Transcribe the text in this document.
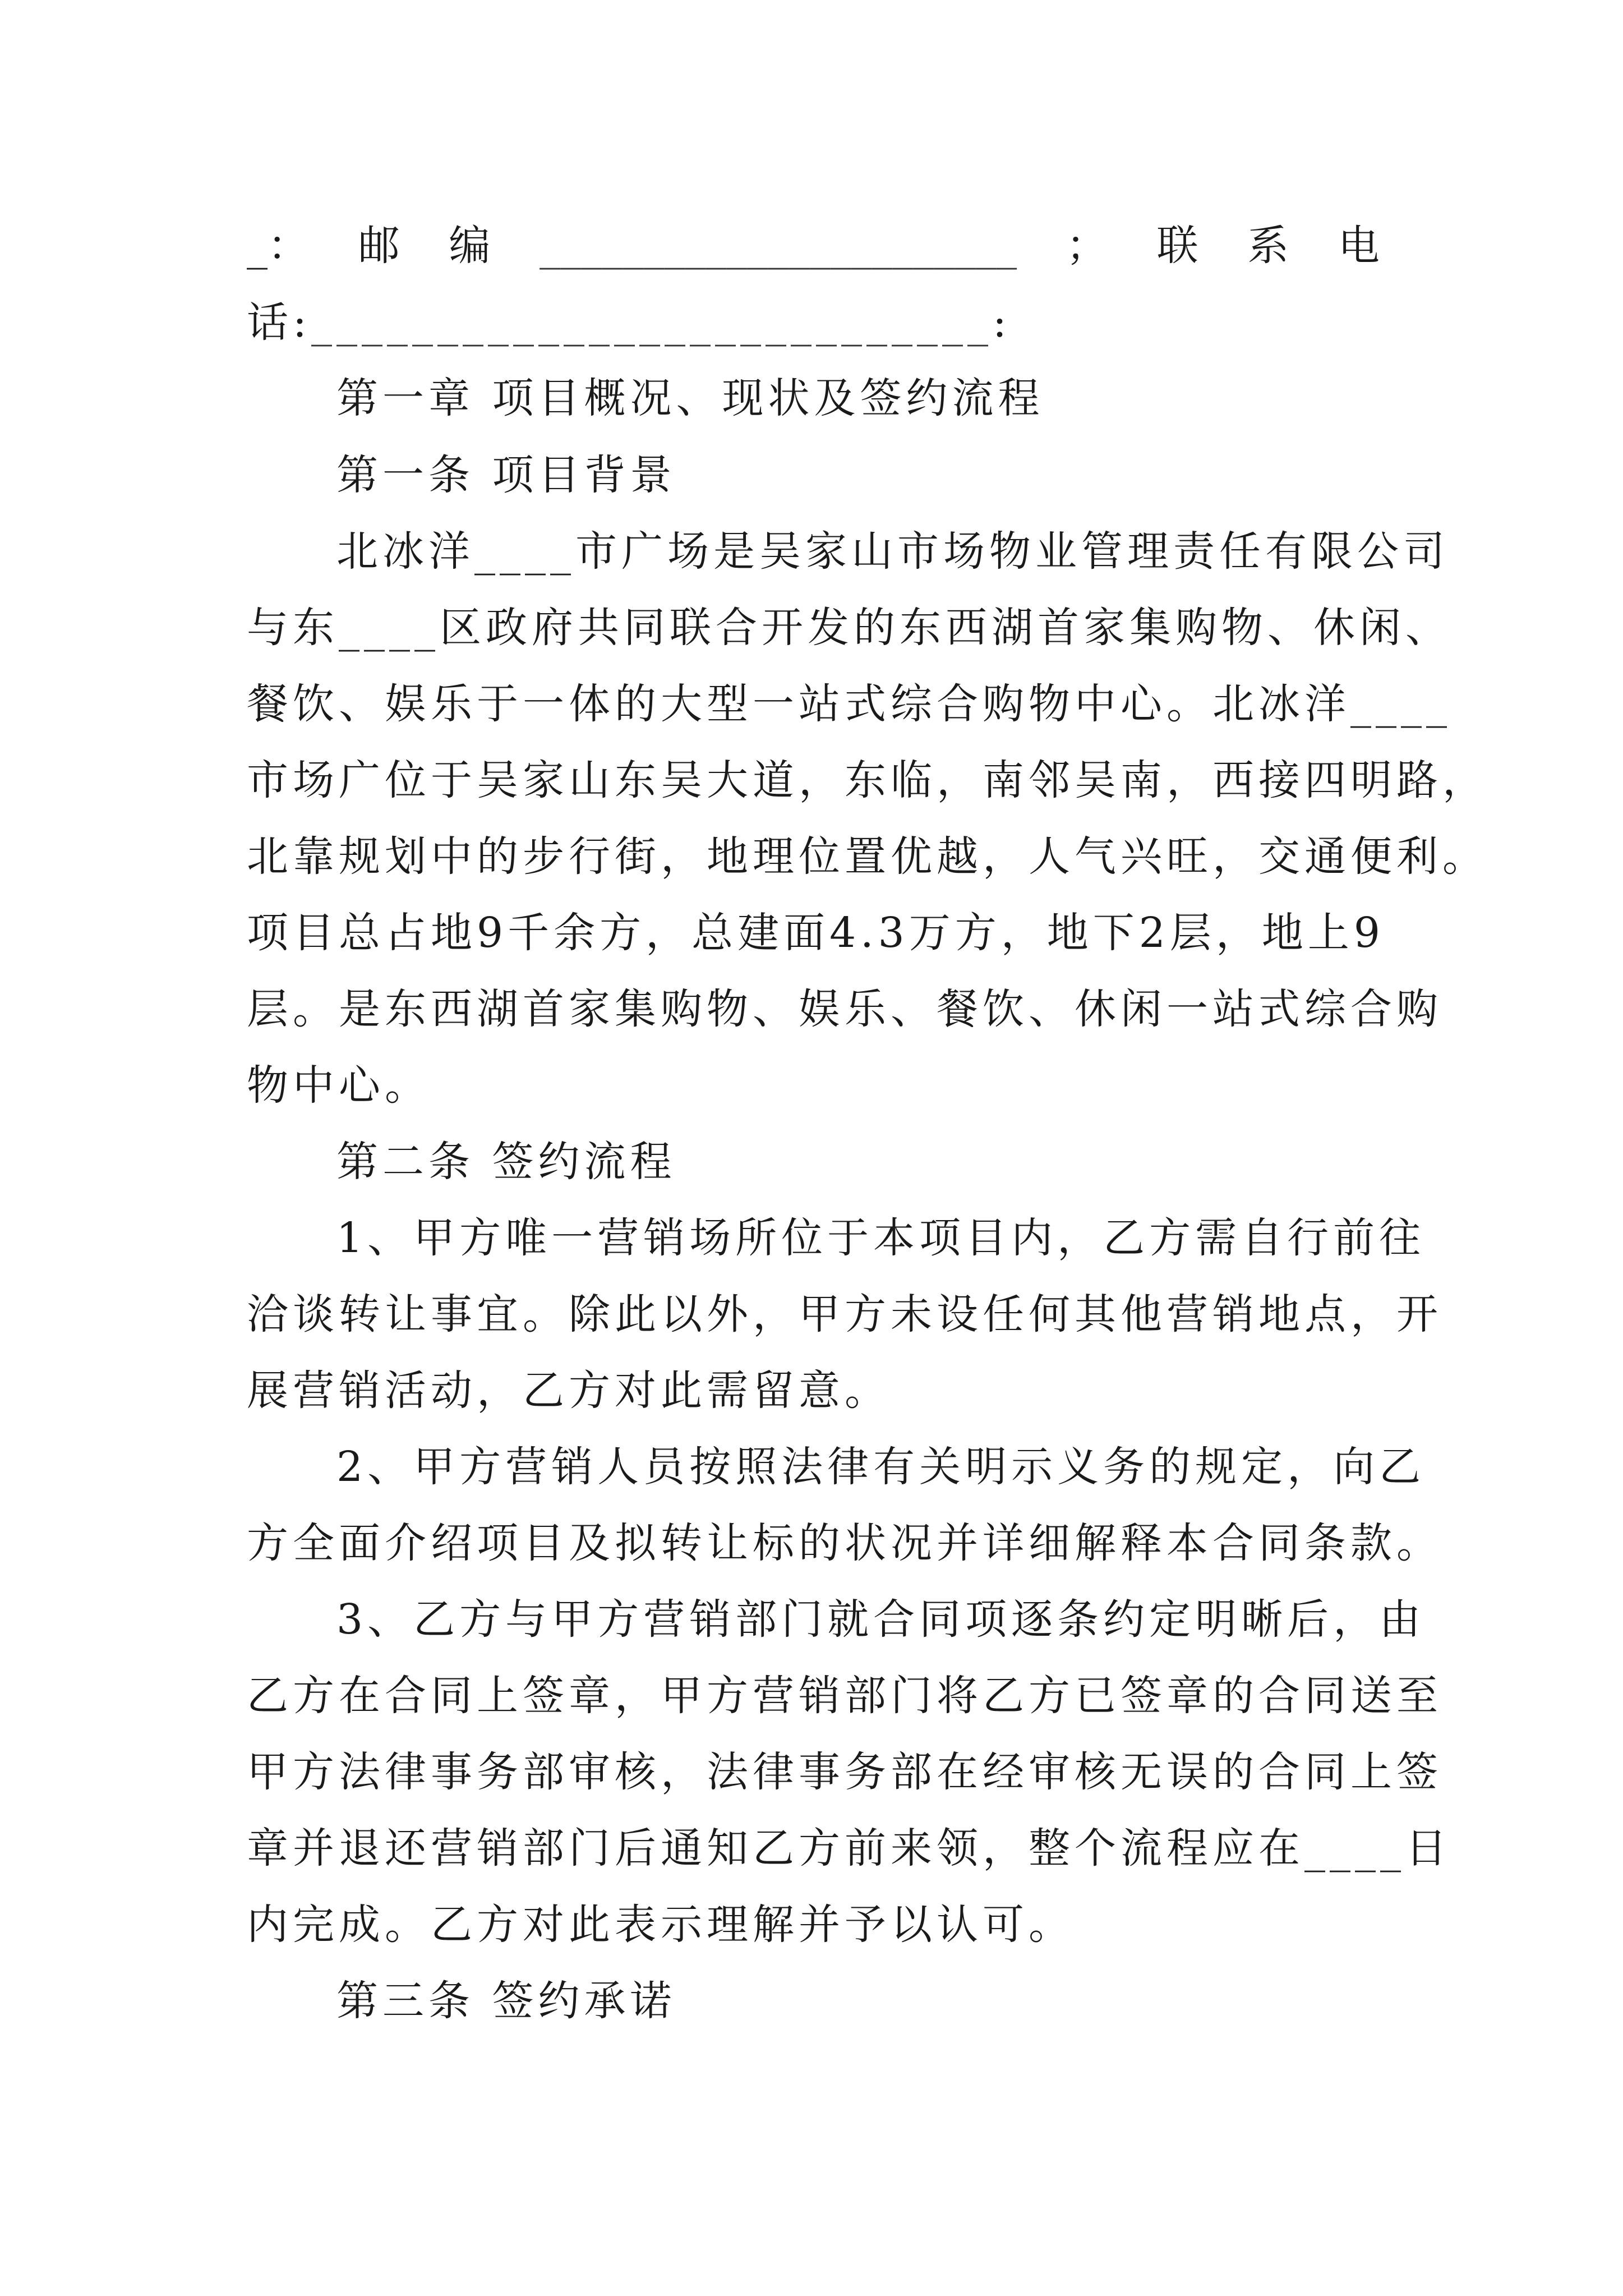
_： 邮 编 _______________________ ； 联 系 电
话:___________________________:
第一章 项目概况、现状及签约流程
第一条 项目背景
北冰洋____市广场是吴家山市场物业管理责任有限公司
与东____区政府共同联合开发的东西湖首家集购物、休闲、
餐饮、娱乐于一体的大型一站式综合购物中心。北冰洋____
市场广位于吴家山东吴大道，东临，南邻吴南，西接四明路，
北靠规划中的步行街，地理位置优越，人气兴旺，交通便利。
项目总占地9千余方，总建面4.3万方，地下2层，地上9
层。是东西湖首家集购物、娱乐、餐饮、休闲一站式综合购
物中心。
第二条 签约流程
1、甲方唯一营销场所位于本项目内，乙方需自行前往
洽谈转让事宜。除此以外，甲方未设任何其他营销地点，开
展营销活动，乙方对此需留意。
2、甲方营销人员按照法律有关明示义务的规定，向乙
方全面介绍项目及拟转让标的状况并详细解释本合同条款。
3、乙方与甲方营销部门就合同项逐条约定明晰后，由
乙方在合同上签章，甲方营销部门将乙方已签章的合同送至
甲方法律事务部审核，法律事务部在经审核无误的合同上签
章并退还营销部门后通知乙方前来领，整个流程应在____日
内完成。乙方对此表示理解并予以认可。
第三条 签约承诺
